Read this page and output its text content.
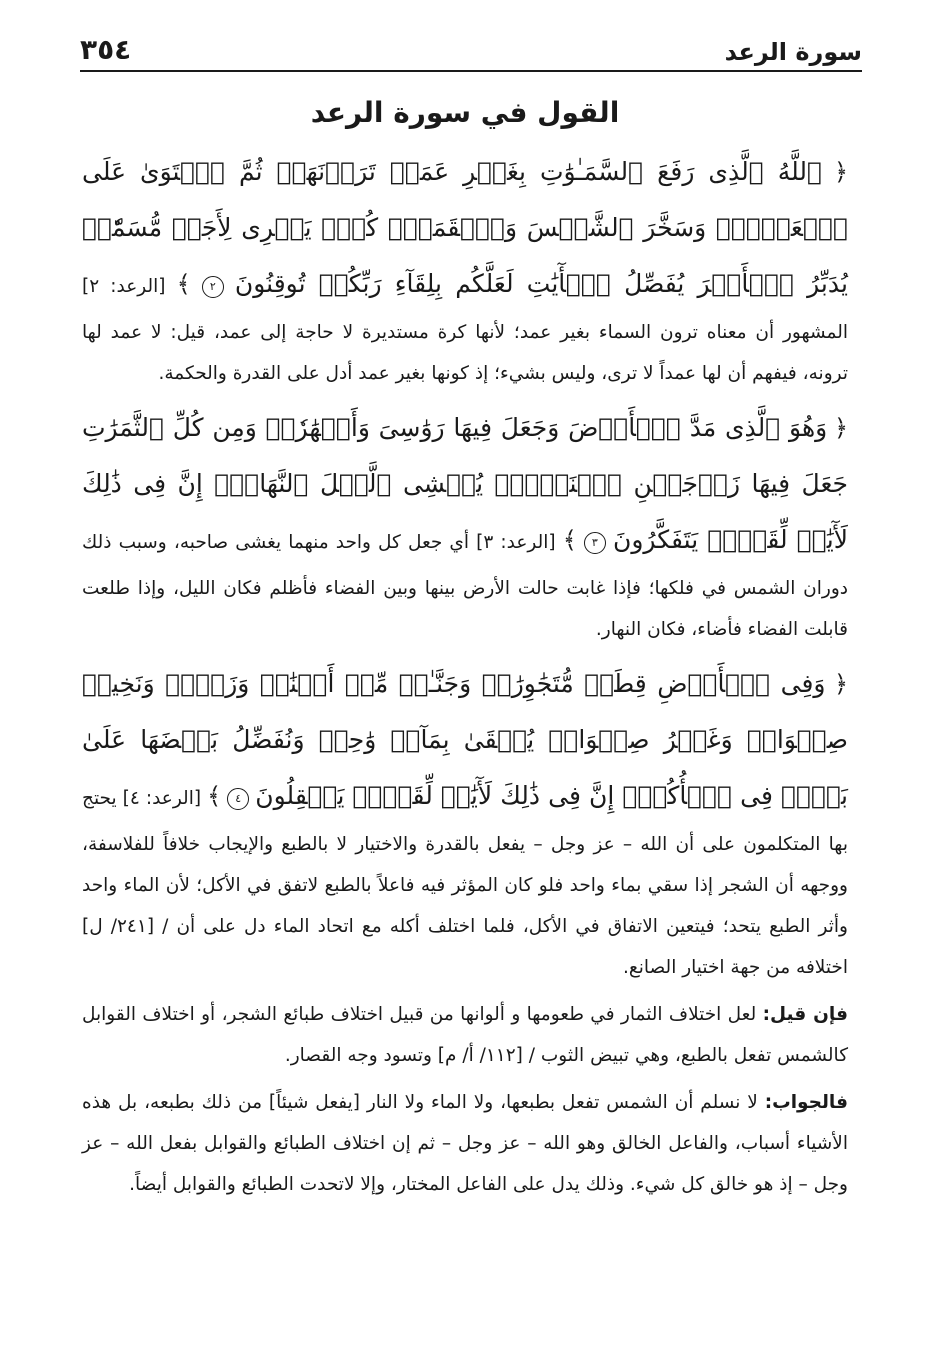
سورة الرعد
٣٥٤
القول في سورة الرعد

﴿ ٱللَّهُ ٱلَّذِى رَفَعَ ٱلسَّمَـٰوَٰتِ بِغَيۡرِ عَمَدٖ تَرَوۡنَهَاۖ ثُمَّ ٱسۡتَوَىٰ عَلَى ٱلۡعَرۡشِۖ وَسَخَّرَ ٱلشَّمۡسَ وَٱلۡقَمَرَۖ كُلّٞ يَجۡرِى لِأَجَلٖ مُّسَمّٗىۚ يُدَبِّرُ ٱلۡأَمۡرَ يُفَصِّلُ ٱلۡأٓيَٰتِ لَعَلَّكُم بِلِقَآءِ رَبِّكُمۡ تُوقِنُونَ ٢ ﴾ [الرعد: ٢] المشهور أن معناه ترون السماء بغير عمد؛ لأنها كرة مستديرة لا حاجة إلى عمد، قيل: لا عمد لها ترونه، فيفهم أن لها عمداً لا ترى، وليس بشيء؛ إذ كونها بغير عمد أدل على القدرة والحكمة.

﴿ وَهُوَ ٱلَّذِى مَدَّ ٱلۡأَرۡضَ وَجَعَلَ فِيهَا رَوَٰسِىَ وَأَنۡهَٰرٗاۖ وَمِن كُلِّ ٱلثَّمَرَٰتِ جَعَلَ فِيهَا زَوۡجَيۡنِ ٱثۡنَيۡنِۖ يُغۡشِى ٱلَّيۡلَ ٱلنَّهَارَۚ إِنَّ فِى ذَٰلِكَ لَأٓيَٰتٖ لِّقَوۡمٖ يَتَفَكَّرُونَ ٣ ﴾ [الرعد: ٣] أي جعل كل واحد منهما يغشى صاحبه، وسبب ذلك دوران الشمس في فلكها؛ فإذا غابت حالت الأرض بينها وبين الفضاء فأظلم فكان الليل، وإذا طلعت قابلت الفضاء فأضاء، فكان النهار.

﴿ وَفِى ٱلۡأَرۡضِ قِطَعٞ مُّتَجَٰوِرَٰتٞ وَجَنَّـٰتٞ مِّنۡ أَعۡنَٰبٖ وَزَرۡعٞ وَنَخِيلٞ صِنۡوَانٞ وَغَيۡرُ صِنۡوَانٖ يُسۡقَىٰ بِمَآءٖ وَٰحِدٖ وَنُفَضِّلُ بَعۡضَهَا عَلَىٰ بَعۡضٖ فِى ٱلۡأُكُلِۚ إِنَّ فِى ذَٰلِكَ لَأٓيَٰتٖ لِّقَوۡمٖ يَعۡقِلُونَ ٤ ﴾ [الرعد: ٤] يحتج بها المتكلمون على أن الله – عز وجل – يفعل بالقدرة والاختيار لا بالطبع والإيجاب خلافاً للفلاسفة، ووجهه أن الشجر إذا سقي بماء واحد فلو كان المؤثر فيه فاعلاً بالطبع لاتفق في الأكل؛ لأن الماء واحد وأثر الطبع يتحد؛ فيتعين الاتفاق في الأكل، فلما اختلف أكله مع اتحاد الماء دل على أن / [٢٤١/ ل] اختلافه من جهة اختيار الصانع.

فإن قيل: لعل اختلاف الثمار في طعومها و ألوانها من قبيل اختلاف طبائع الشجر، أو اختلاف القوابل كالشمس تفعل بالطبع، وهي تبيض الثوب / [١١٢/ أ/ م] وتسود وجه القصار.

فالجواب: لا نسلم أن الشمس تفعل بطبعها، ولا الماء ولا النار [يفعل شيئاً] من ذلك بطبعه، بل هذه الأشياء أسباب، والفاعل الخالق وهو الله – عز وجل – ثم إن اختلاف الطبائع والقوابل بفعل الله – عز وجل – إذ هو خالق كل شيء. وذلك يدل على الفاعل المختار، وإلا لاتحدت الطبائع والقوابل أيضاً.
